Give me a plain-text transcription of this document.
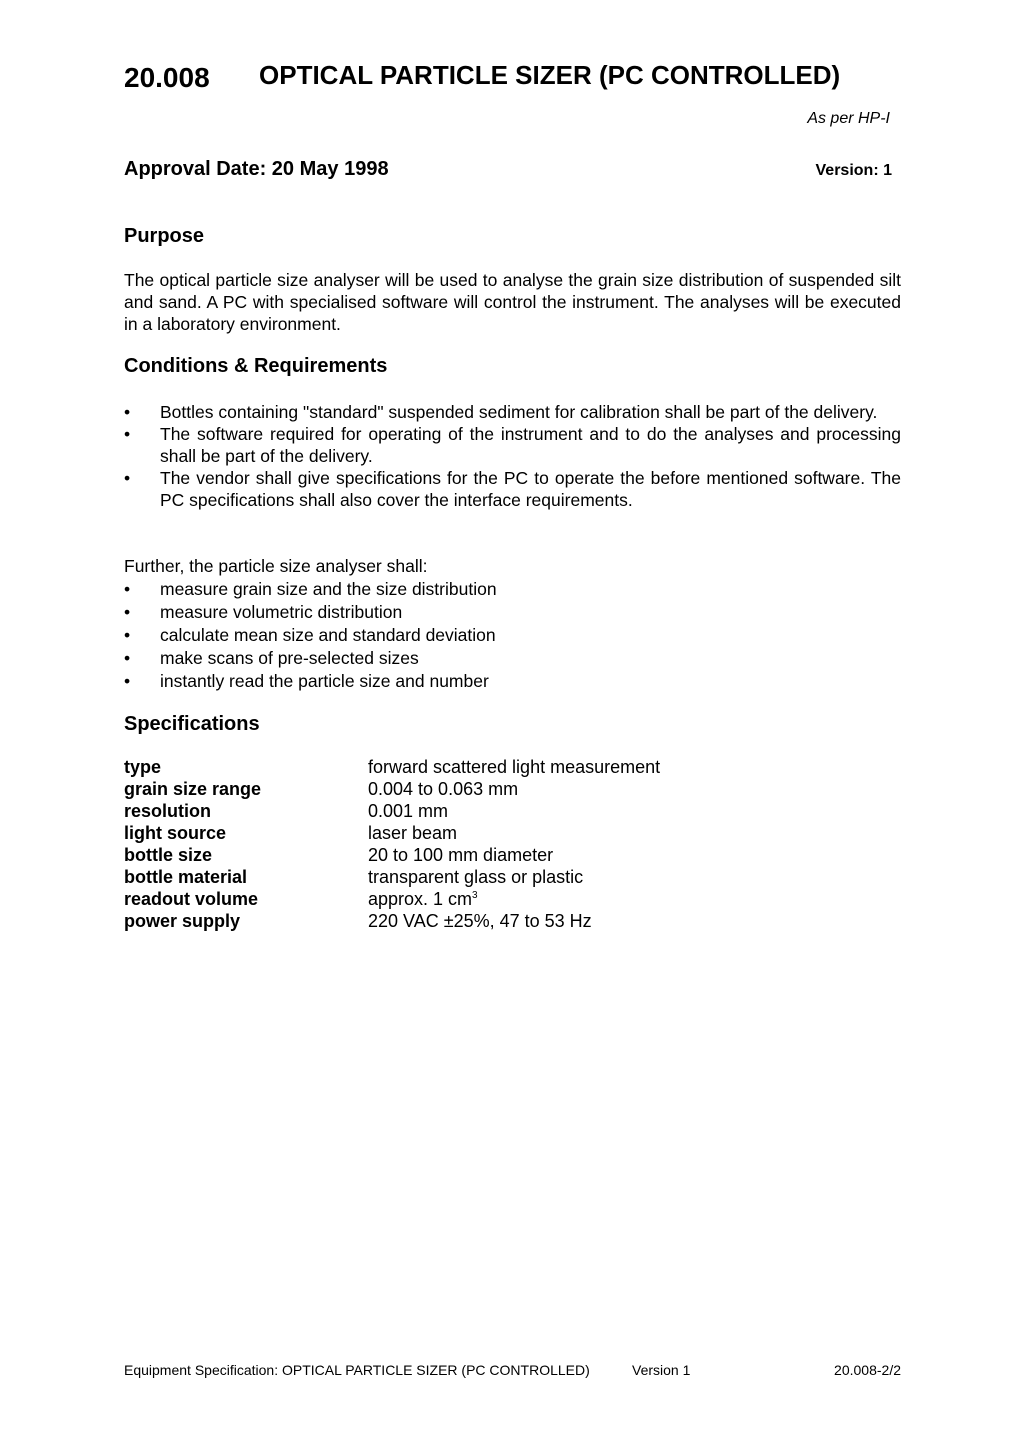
20.008 OPTICAL PARTICLE SIZER (PC CONTROLLED)
As per HP-I
Approval Date: 20 May 1998	Version: 1
Purpose
The optical particle size analyser will be used to analyse the grain size distribution of suspended silt and sand. A PC with specialised software will control the instrument. The analyses will be executed in a laboratory environment.
Conditions & Requirements
• Bottles containing "standard" suspended sediment for calibration shall be part of the delivery.
• The software required for operating of the instrument and to do the analyses and processing shall be part of the delivery.
• The vendor shall give specifications for the PC to operate the before mentioned software. The PC specifications shall also cover the interface requirements.
Further, the particle size analyser shall:
• measure grain size and the size distribution
• measure volumetric distribution
• calculate mean size and standard deviation
• make scans of pre-selected sizes
• instantly read the particle size and number
Specifications
type	forward scattered light measurement
grain size range	0.004 to 0.063 mm
resolution	0.001 mm
light source	laser beam
bottle size	20 to 100 mm diameter
bottle material	transparent glass or plastic
readout volume	approx. 1 $cm^3$
power supply	220 VAC ±25%, 47 to 53 Hz
Equipment Specification: OPTICAL PARTICLE SIZER (PC CONTROLLED)	Version 1	20.008-2/2
